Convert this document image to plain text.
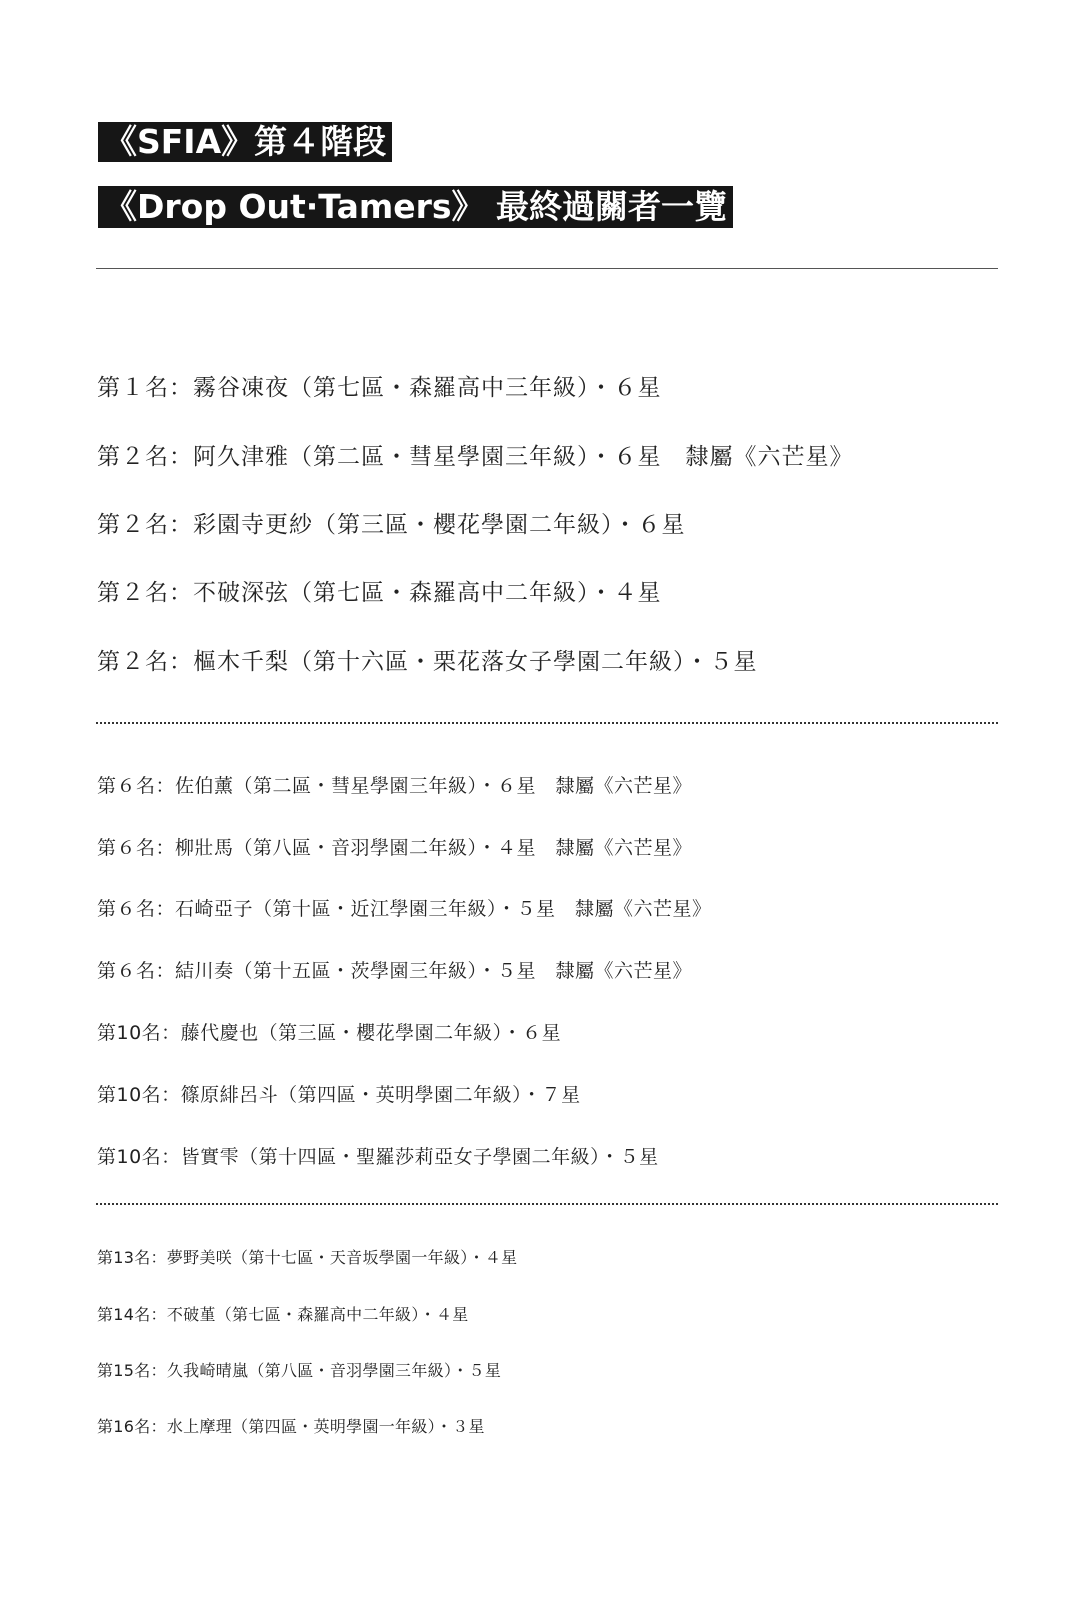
《SFIA》第４階段
《Drop Out·Tamers》 最終過關者一覽
第１名：霧谷凍夜（第七區・森羅高中三年級）・６星
第２名：阿久津雅（第二區・彗星學園三年級）・６星　隸屬《六芒星》
第２名：彩園寺更紗（第三區・櫻花學園二年級）・６星
第２名：不破深弦（第七區・森羅高中二年級）・４星
第２名：樞木千梨（第十六區・栗花落女子學園二年級）・５星
第６名：佐伯薰（第二區・彗星學園三年級）・６星　隸屬《六芒星》
第６名：柳壯馬（第八區・音羽學園二年級）・４星　隸屬《六芒星》
第６名：石崎亞子（第十區・近江學園三年級）・５星　隸屬《六芒星》
第６名：結川奏（第十五區・茨學園三年級）・５星　隸屬《六芒星》
第10名：藤代慶也（第三區・櫻花學園二年級）・６星
第10名：篠原緋呂斗（第四區・英明學園二年級）・７星
第10名：皆實雫（第十四區・聖羅莎莉亞女子學園二年級）・５星
第13名：夢野美咲（第十七區・天音坂學園一年級）・４星
第14名：不破堇（第七區・森羅高中二年級）・４星
第15名：久我崎晴嵐（第八區・音羽學園三年級）・５星
第16名：水上摩理（第四區・英明學園一年級）・３星
